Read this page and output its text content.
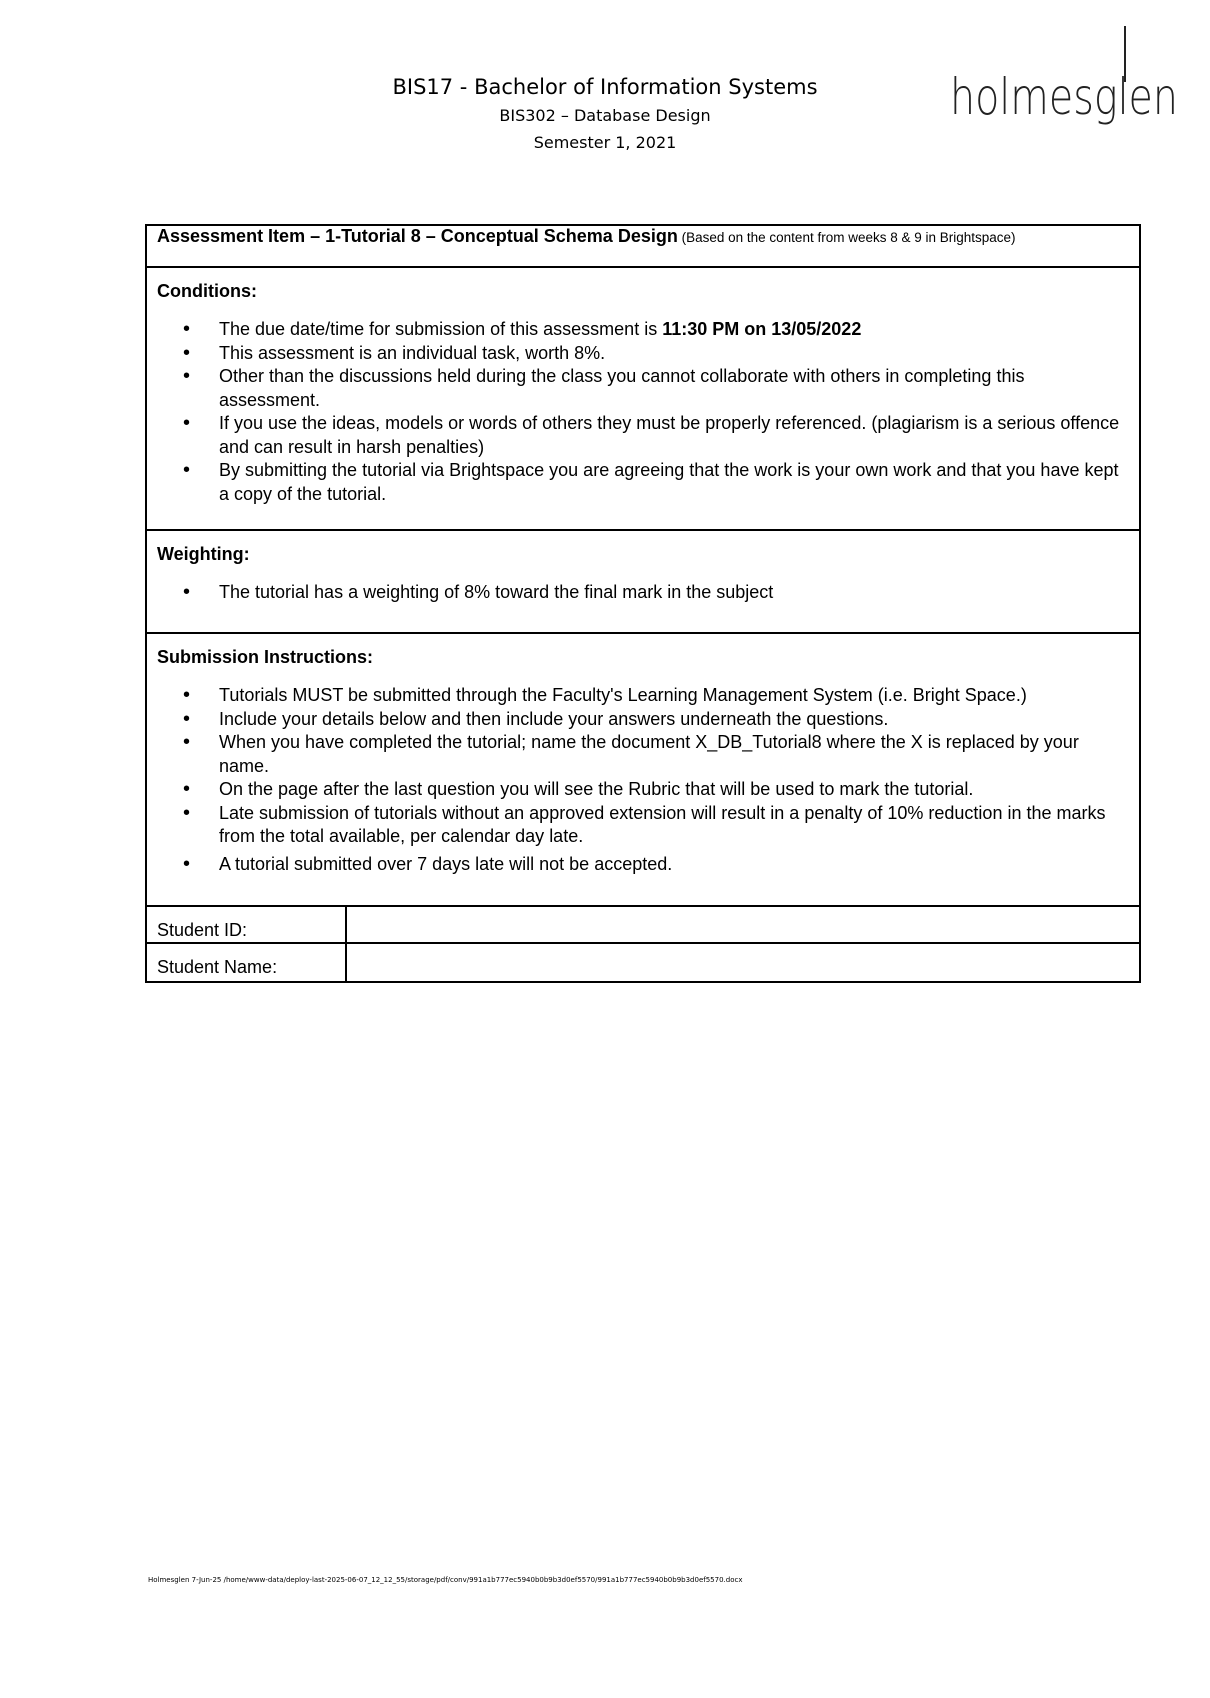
BIS17 - Bachelor of Information Systems
BIS302 – Database Design
Semester 1, 2021
holmesglen
Assessment Item – 1-Tutorial 8 – Conceptual Schema Design (Based on the content from weeks 8 & 9 in Brightspace)
Conditions:
• The due date/time for submission of this assessment is 11:30 PM on 13/05/2022
• This assessment is an individual task, worth 8%.
• Other than the discussions held during the class you cannot collaborate with others in completing this assessment.
• If you use the ideas, models or words of others they must be properly referenced. (plagiarism is a serious offence and can result in harsh penalties)
• By submitting the tutorial via Brightspace you are agreeing that the work is your own work and that you have kept a copy of the tutorial.
Weighting:
• The tutorial has a weighting of 8% toward the final mark in the subject
Submission Instructions:
• Tutorials MUST be submitted through the Faculty's Learning Management System (i.e. Bright Space.)
• Include your details below and then include your answers underneath the questions.
• When you have completed the tutorial; name the document X_DB_Tutorial8 where the X is replaced by your name.
• On the page after the last question you will see the Rubric that will be used to mark the tutorial.
• Late submission of tutorials without an approved extension will result in a penalty of 10% reduction in the marks from the total available, per calendar day late.
• A tutorial submitted over 7 days late will not be accepted.
Student ID:
Student Name:
Holmesglen 7-Jun-25 /home/www-data/deploy-last-2025-06-07_12_12_55/storage/pdf/conv/991a1b777ec5940b0b9b3d0ef5570/991a1b777ec5940b0b9b3d0ef5570.docx
